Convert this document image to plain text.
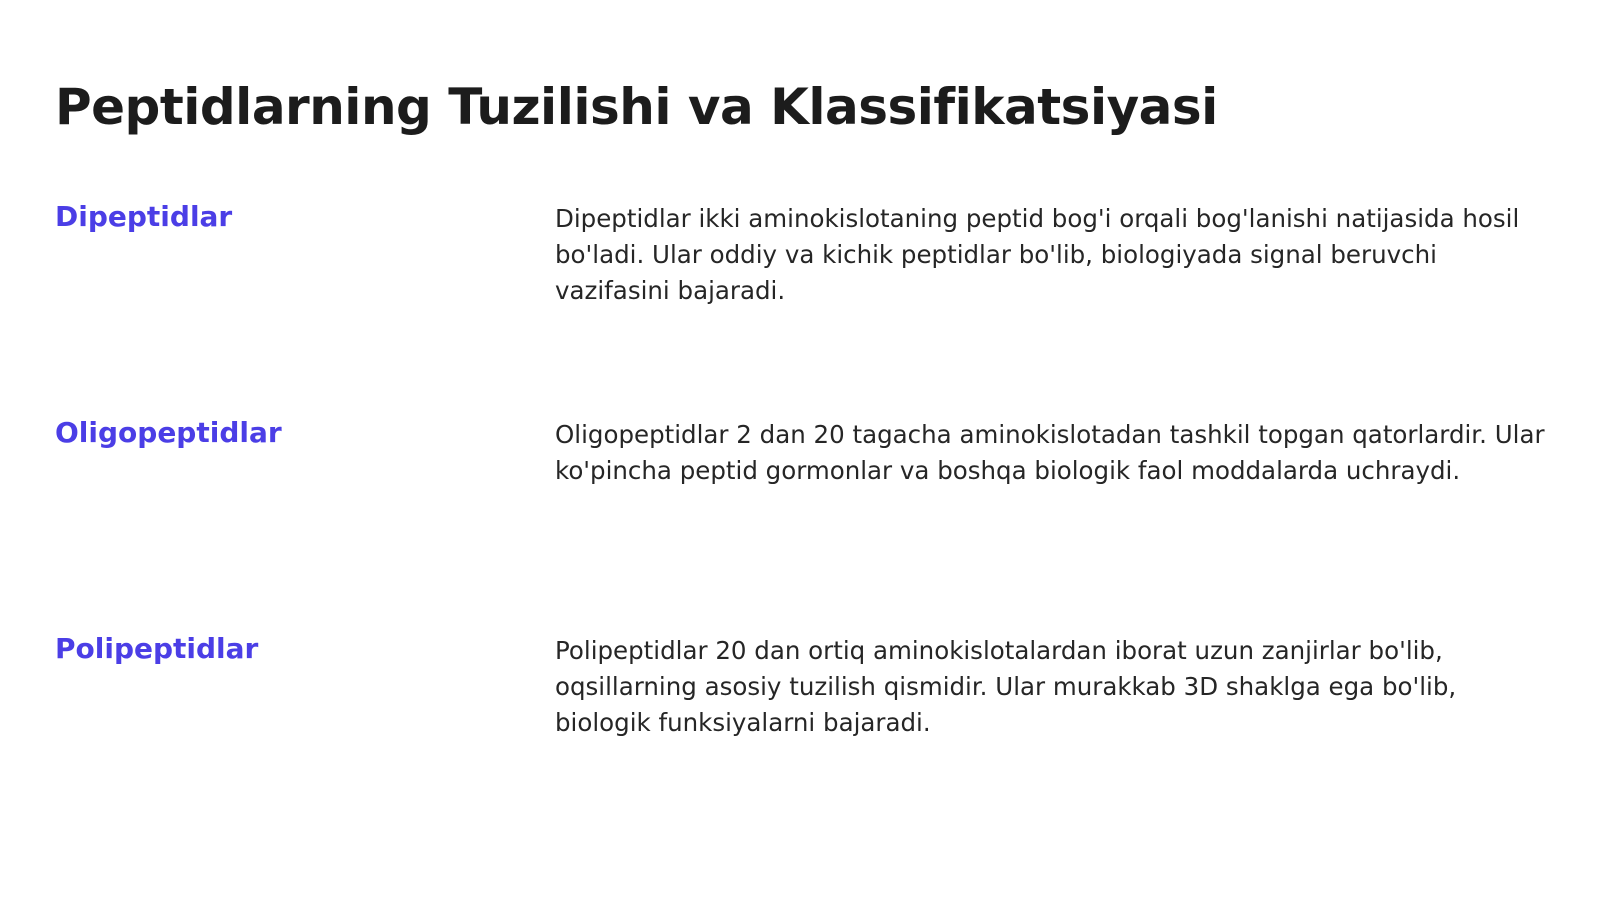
Peptidlarning Tuzilishi va Klassifikatsiyasi
Dipeptidlar	Dipeptidlar ikki aminokislotaning peptid bog'i orqali bog'lanishi natijasida hosil bo'ladi. Ular oddiy va kichik peptidlar bo'lib, biologiyada signal beruvchi vazifasini bajaradi.

Oligopeptidlar	Oligopeptidlar 2 dan 20 tagacha aminokislotadan tashkil topgan qatorlardir. Ular ko'pincha peptid gormonlar va boshqa biologik faol moddalarda uchraydi.

Polipeptidlar	Polipeptidlar 20 dan ortiq aminokislotalardan iborat uzun zanjirlar bo'lib, oqsillarning asosiy tuzilish qismidir. Ular murakkab 3D shaklga ega bo'lib, biologik funksiyalarni bajaradi.
